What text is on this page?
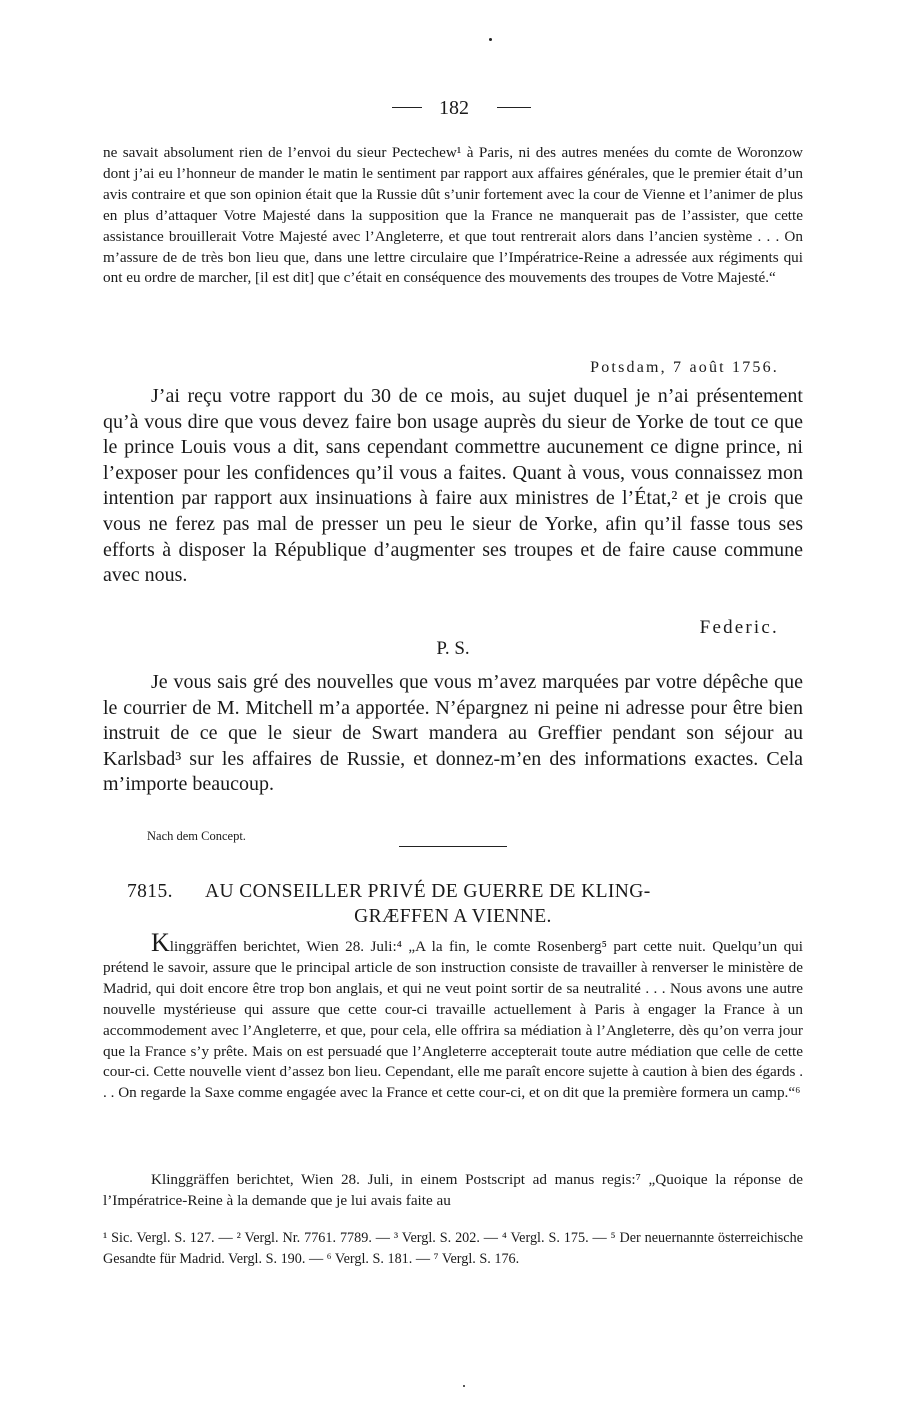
182
ne savait absolument rien de l’envoi du sieur Pectechew¹ à Paris, ni des autres menées du comte de Woronzow dont j’ai eu l’honneur de mander le matin le sentiment par rapport aux affaires générales, que le premier était d’un avis contraire et que son opinion était que la Russie dût s’unir fortement avec la cour de Vienne et l’animer de plus en plus d’attaquer Votre Majesté dans la supposition que la France ne manquerait pas de l’assister, que cette assistance brouillerait Votre Majesté avec l’Angleterre, et que tout rentrerait alors dans l’ancien système . . . On m’assure de de très bon lieu que, dans une lettre circulaire que l’Impératrice-Reine a adressée aux régiments qui ont eu ordre de marcher, [il est dit] que c’était en conséquence des mouvements des troupes de Votre Majesté.“
Potsdam, 7 août 1756.
J’ai reçu votre rapport du 30 de ce mois, au sujet duquel je n’ai présentement qu’à vous dire que vous devez faire bon usage auprès du sieur de Yorke de tout ce que le prince Louis vous a dit, sans cependant commettre aucunement ce digne prince, ni l’exposer pour les confidences qu’il vous a faites. Quant à vous, vous connaissez mon intention par rapport aux insinuations à faire aux ministres de l’État,² et je crois que vous ne ferez pas mal de presser un peu le sieur de Yorke, afin qu’il fasse tous ses efforts à disposer la République d’augmenter ses troupes et de faire cause commune avec nous.
Federic.
P. S.
Je vous sais gré des nouvelles que vous m’avez marquées par votre dépêche que le courrier de M. Mitchell m’a apportée. N’épargnez ni peine ni adresse pour être bien instruit de ce que le sieur de Swart mandera au Greffier pendant son séjour au Karlsbad³ sur les affaires de Russie, et donnez-m’en des informations exactes. Cela m’importe beaucoup.
Nach dem Concept.
7815. AU CONSEILLER PRIVÉ DE GUERRE DE KLING-
GRÆFFEN A VIENNE.
Klinggräffen berichtet, Wien 28. Juli:⁴ „A la fin, le comte Rosenberg⁵ part cette nuit. Quelqu’un qui prétend le savoir, assure que le principal article de son instruction consiste de travailler à renverser le ministère de Madrid, qui doit encore être trop bon anglais, et qui ne veut point sortir de sa neutralité . . . Nous avons une autre nouvelle mystérieuse qui assure que cette cour-ci travaille actuellement à Paris à engager la France à un accommodement avec l’Angleterre, et que, pour cela, elle offrira sa médiation à l’Angleterre, dès qu’on verra jour que la France s’y prête. Mais on est persuadé que l’Angleterre accepterait toute autre médiation que celle de cette cour-ci. Cette nouvelle vient d’assez bon lieu. Cependant, elle me paraît encore sujette à caution à bien des égards . . . On regarde la Saxe comme engagée avec la France et cette cour-ci, et on dit que la première formera un camp.“⁶
Klinggräffen berichtet, Wien 28. Juli, in einem Postscript ad manus regis:⁷ „Quoique la réponse de l’Impératrice-Reine à la demande que je lui avais faite au
¹ Sic. Vergl. S. 127. — ² Vergl. Nr. 7761. 7789. — ³ Vergl. S. 202. — ⁴ Vergl. S. 175. — ⁵ Der neuernannte österreichische Gesandte für Madrid. Vergl. S. 190. — ⁶ Vergl. S. 181. — ⁷ Vergl. S. 176.
